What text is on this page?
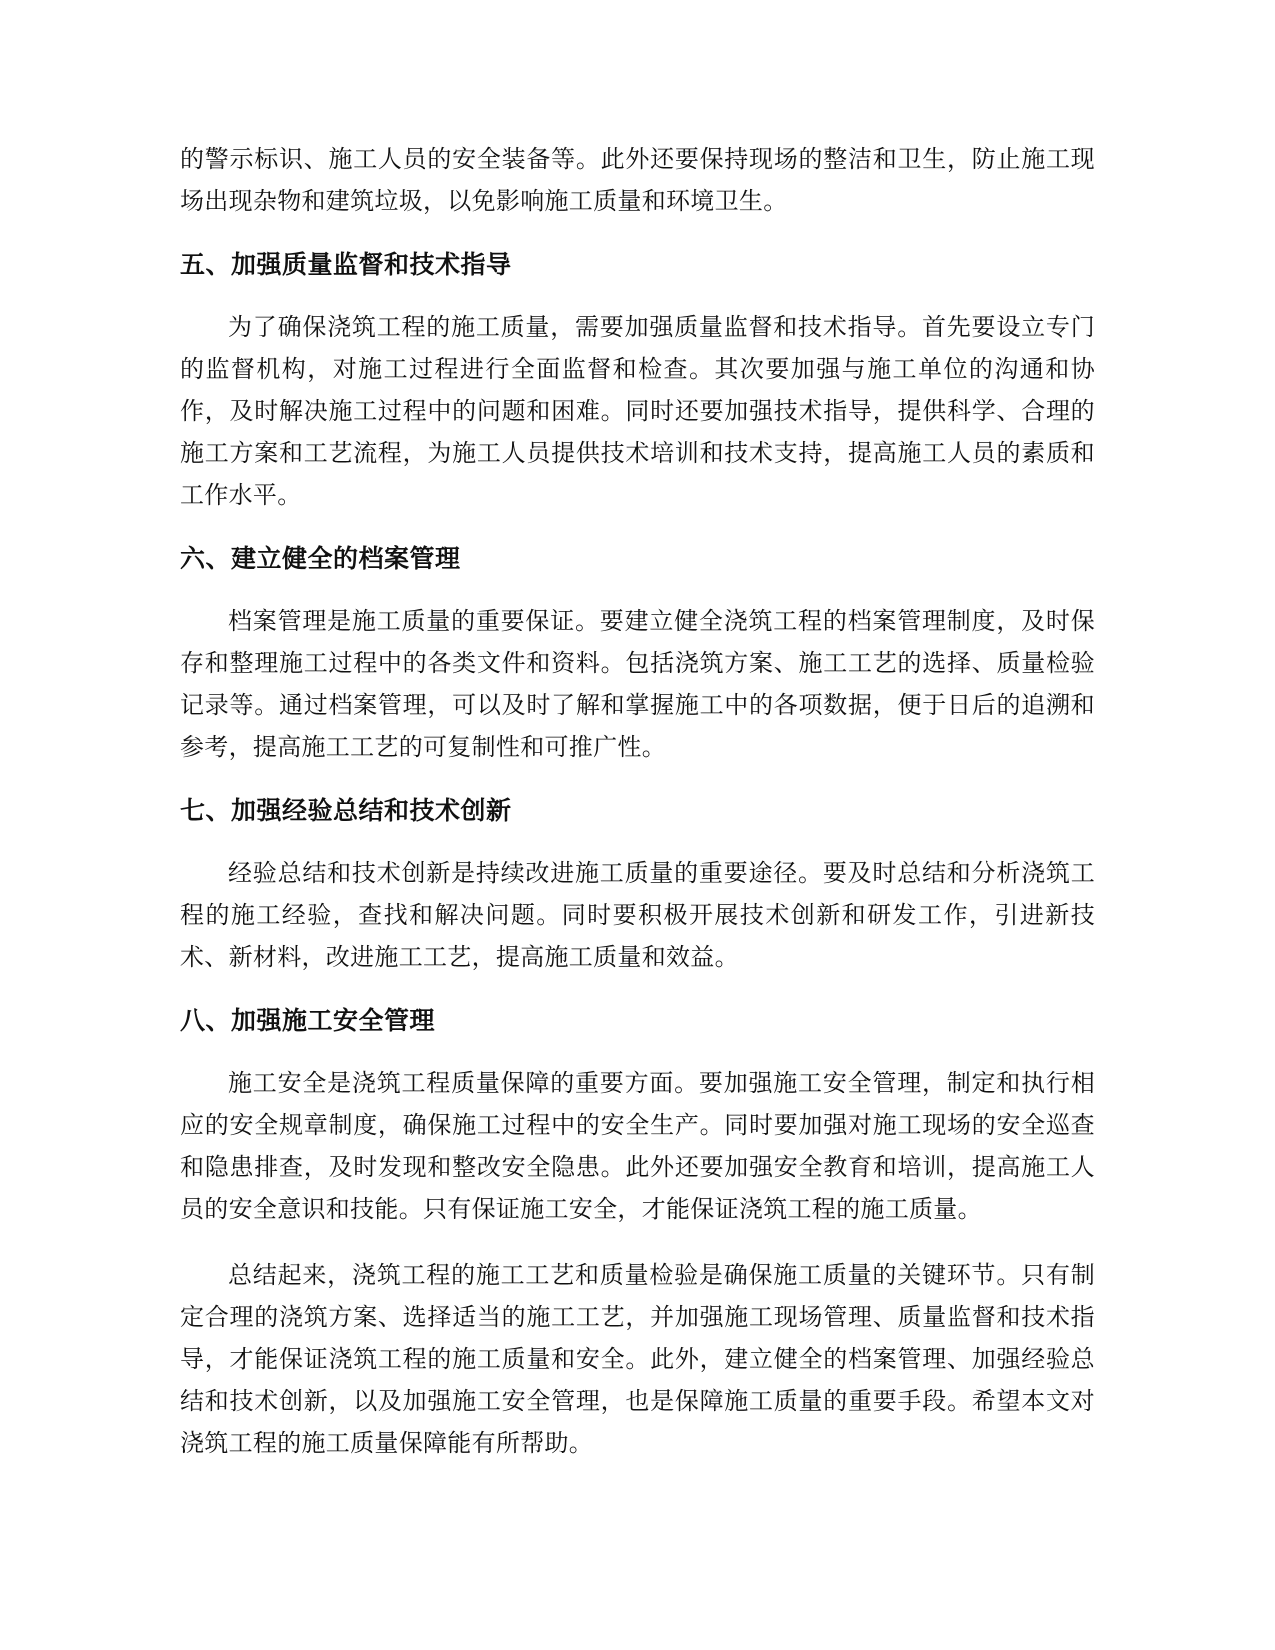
的警示标识、施工人员的安全装备等。此外还要保持现场的整洁和卫生，防止施工现场出现杂物和建筑垃圾，以免影响施工质量和环境卫生。

五、加强质量监督和技术指导

为了确保浇筑工程的施工质量，需要加强质量监督和技术指导。首先要设立专门的监督机构，对施工过程进行全面监督和检查。其次要加强与施工单位的沟通和协作，及时解决施工过程中的问题和困难。同时还要加强技术指导，提供科学、合理的施工方案和工艺流程，为施工人员提供技术培训和技术支持，提高施工人员的素质和工作水平。

六、建立健全的档案管理

档案管理是施工质量的重要保证。要建立健全浇筑工程的档案管理制度，及时保存和整理施工过程中的各类文件和资料。包括浇筑方案、施工工艺的选择、质量检验记录等。通过档案管理，可以及时了解和掌握施工中的各项数据，便于日后的追溯和参考，提高施工工艺的可复制性和可推广性。

七、加强经验总结和技术创新

经验总结和技术创新是持续改进施工质量的重要途径。要及时总结和分析浇筑工程的施工经验，查找和解决问题。同时要积极开展技术创新和研发工作，引进新技术、新材料，改进施工工艺，提高施工质量和效益。

八、加强施工安全管理

施工安全是浇筑工程质量保障的重要方面。要加强施工安全管理，制定和执行相应的安全规章制度，确保施工过程中的安全生产。同时要加强对施工现场的安全巡查和隐患排查，及时发现和整改安全隐患。此外还要加强安全教育和培训，提高施工人员的安全意识和技能。只有保证施工安全，才能保证浇筑工程的施工质量。

总结起来，浇筑工程的施工工艺和质量检验是确保施工质量的关键环节。只有制定合理的浇筑方案、选择适当的施工工艺，并加强施工现场管理、质量监督和技术指导，才能保证浇筑工程的施工质量和安全。此外，建立健全的档案管理、加强经验总结和技术创新，以及加强施工安全管理，也是保障施工质量的重要手段。希望本文对浇筑工程的施工质量保障能有所帮助。
